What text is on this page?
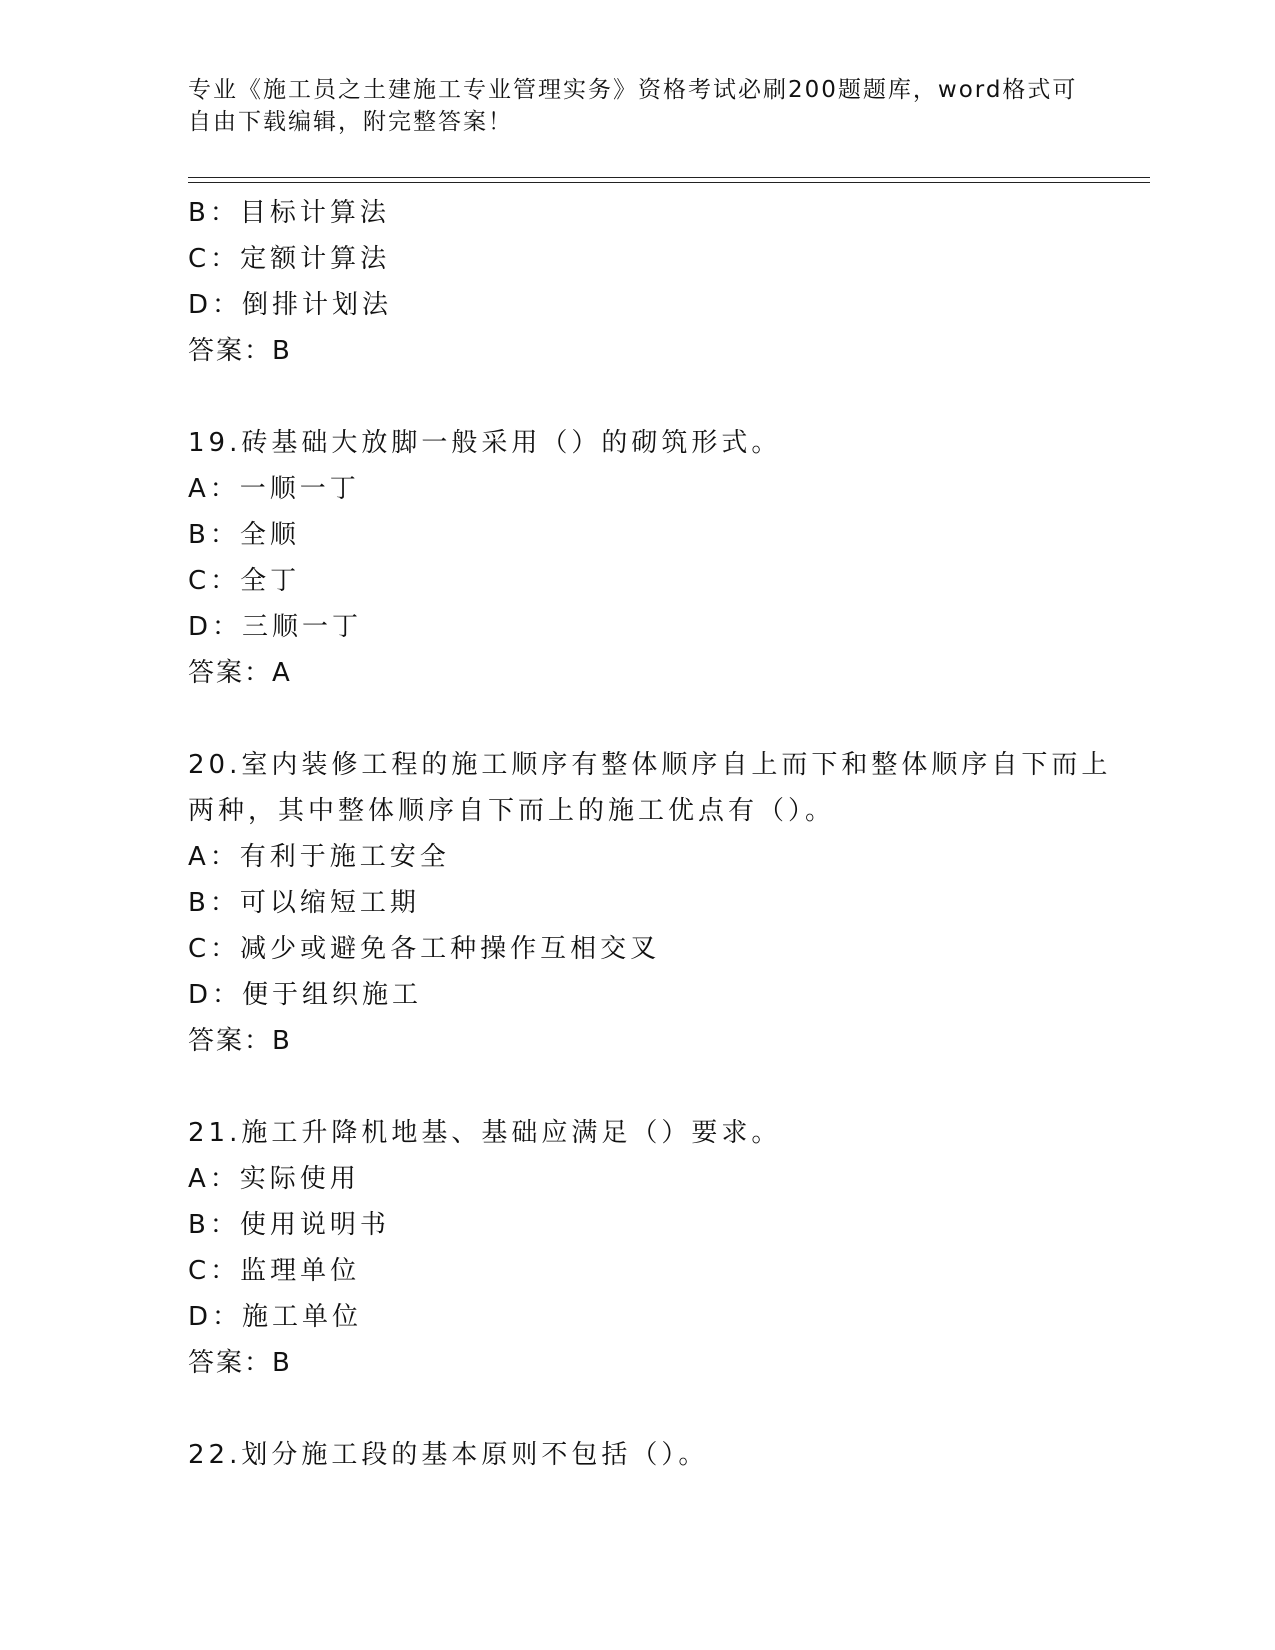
专业《施工员之土建施工专业管理实务》资格考试必刷200题题库，word格式可
自由下载编辑，附完整答案！
B：目标计算法
C：定额计算法
D：倒排计划法
答案：B
19.砖基础大放脚一般采用（）的砌筑形式。
A：一顺一丁
B：全顺
C：全丁
D：三顺一丁
答案：A
20.室内装修工程的施工顺序有整体顺序自上而下和整体顺序自下而上
两种，其中整体顺序自下而上的施工优点有（）。
A：有利于施工安全
B：可以缩短工期
C：减少或避免各工种操作互相交叉
D：便于组织施工
答案：B
21.施工升降机地基、基础应满足（）要求。
A：实际使用
B：使用说明书
C：监理单位
D：施工单位
答案：B
22.划分施工段的基本原则不包括（）。
